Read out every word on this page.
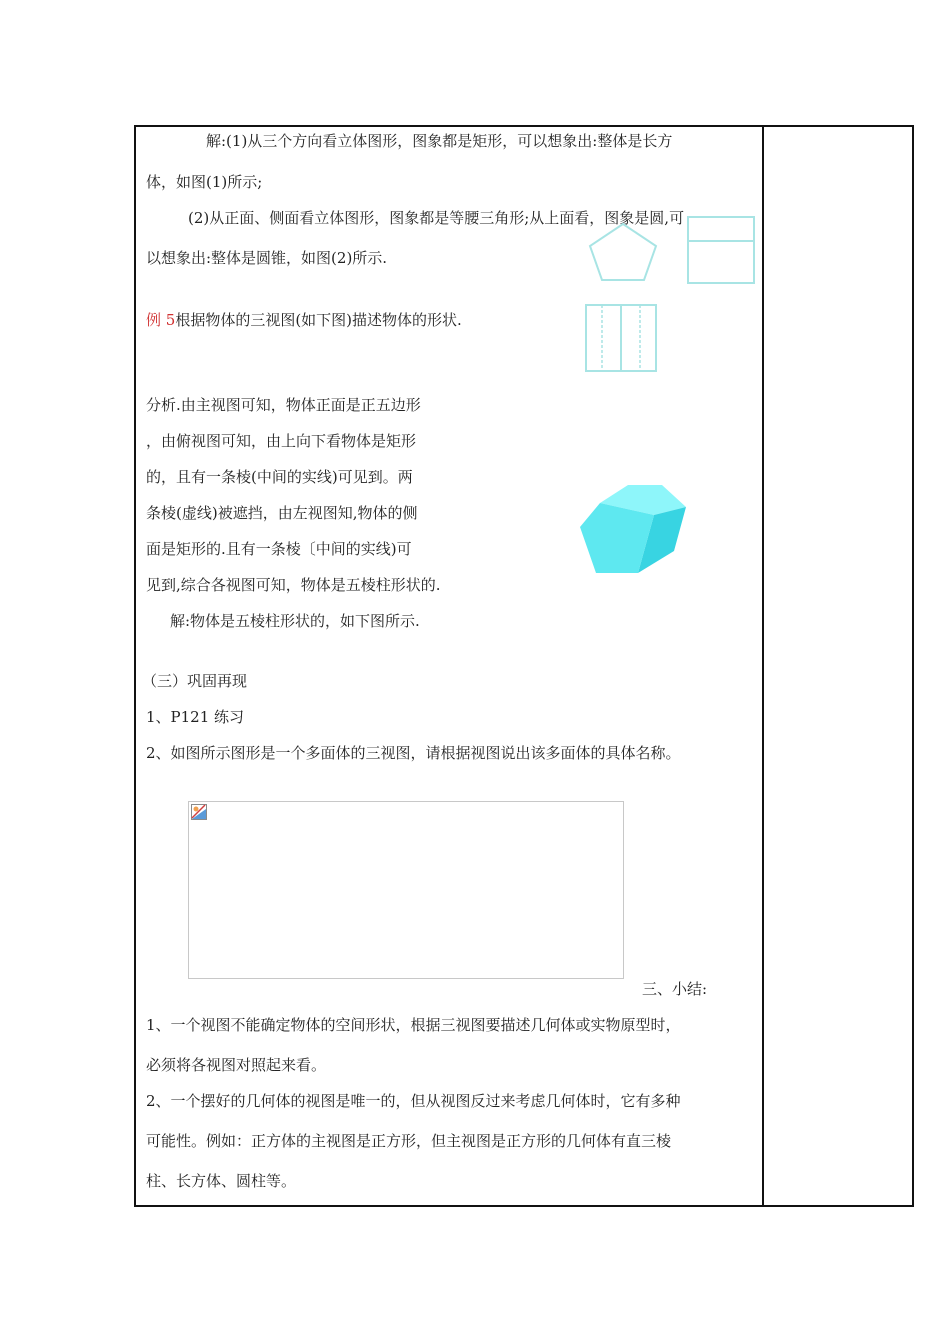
解:(1)从三个方向看立体图形，图象都是矩形，可以想象出:整体是长方
体，如图(1)所示;
(2)从正面、侧面看立体图形，图象都是等腰三角形;从上面看，图象是圆,可
以想象出:整体是圆锥，如图(2)所示.
例 5根据物体的三视图(如下图)描述物体的形状.
分析.由主视图可知，物体正面是正五边形
，由俯视图可知，由上向下看物体是矩形
的，且有一条棱(中间的实线)可见到。两
条棱(虚线)被遮挡，由左视图知,物体的侧
面是矩形的.且有一条棱〔中间的实线)可
见到,综合各视图可知，物体是五棱柱形状的.
解:物体是五棱柱形状的，如下图所示.
（三）巩固再现
1、P121 练习
2、如图所示图形是一个多面体的三视图，请根据视图说出该多面体的具体名称。
三、小结:
1、一个视图不能确定物体的空间形状，根据三视图要描述几何体或实物原型时，
必须将各视图对照起来看。
2、一个摆好的几何体的视图是唯一的，但从视图反过来考虑几何体时，它有多种
可能性。例如：正方体的主视图是正方形，但主视图是正方形的几何体有直三棱
柱、长方体、圆柱等。
